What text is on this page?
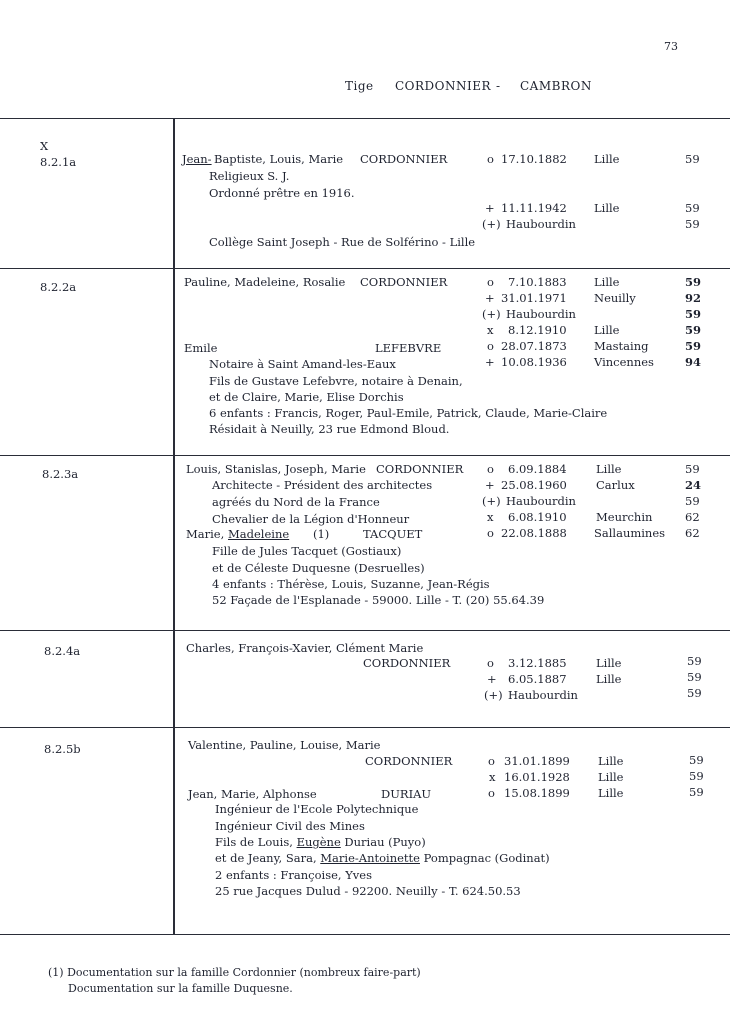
73
Tige CORDONNIER - CAMBRON
X
8.2.1a	Jean- Baptiste, Louis, Marie CORDONNIER	o 17.10.1882 Lille	59
Religieux S. J.
Ordonné prêtre en 1916.
+ 11.11.1942 Lille	59
(+) Haubourdin	59
Collège Saint Joseph - Rue de Solférino - Lille
8.2.2a	Pauline, Madeleine, Rosalie CORDONNIER	o 7.10.1883 Lille	59
+ 31.01.1971 Neuilly	92
(+) Haubourdin	59
x 8.12.1910 Lille	59
Emile	LEFEBVRE	o 28.07.1873 Mastaing	59
Notaire à Saint Amand-les-Eaux	+ 10.08.1936 Vincennes	94
Fils de Gustave Lefebvre, notaire à Denain,
et de Claire, Marie, Elise Dorchis
6 enfants : Francis, Roger, Paul-Emile, Patrick, Claude, Marie-Claire
Résidait à Neuilly, 23 rue Edmond Bloud.
8.2.3a	Louis, Stanislas, Joseph, Marie CORDONNIER o 6.09.1884	Lille	59
Architecte - Président des architectes	+ 25.08.1960	Carlux	24
agréés du Nord de la France	(+) Haubourdin	59
Chevalier de la Légion d'Honneur	x 6.08.1910	Meurchin	62
Marie, Madeleine (1)	TACQUET	o 22.08.1888 Sallaumines 62
Fille de Jules Tacquet (Gostiaux)
et de Céleste Duquesne (Desruelles)
4 enfants : Thérèse, Louis, Suzanne, Jean-Régis
52 Façade de l'Esplanade - 59000. Lille - T. (20) 55.64.39
8.2.4a	Charles, François-Xavier, Clément Marie
CORDONNIER	o 3.12.1885	Lille	59
+ 6.05.1887	Lille	59
(+) Haubourdin	59
8.2.5b	Valentine, Pauline, Louise, Marie
CORDONNIER	o 31.01.1899 Lille	59
x 16.01.1928 Lille	59
Jean, Marie, Alphonse	DURIAU	o 15.08.1899 Lille	59
Ingénieur de l'Ecole Polytechnique
Ingénieur Civil des Mines
Fils de Louis, Eugène Duriau (Puyo)
et de Jeany, Sara, Marie-Antoinette Pompagnac (Godinat)
2 enfants : Françoise, Yves
25 rue Jacques Dulud - 92200. Neuilly - T. 624.50.53
(1) Documentation sur la famille Cordonnier (nombreux faire-part)
Documentation sur la famille Duquesne.
